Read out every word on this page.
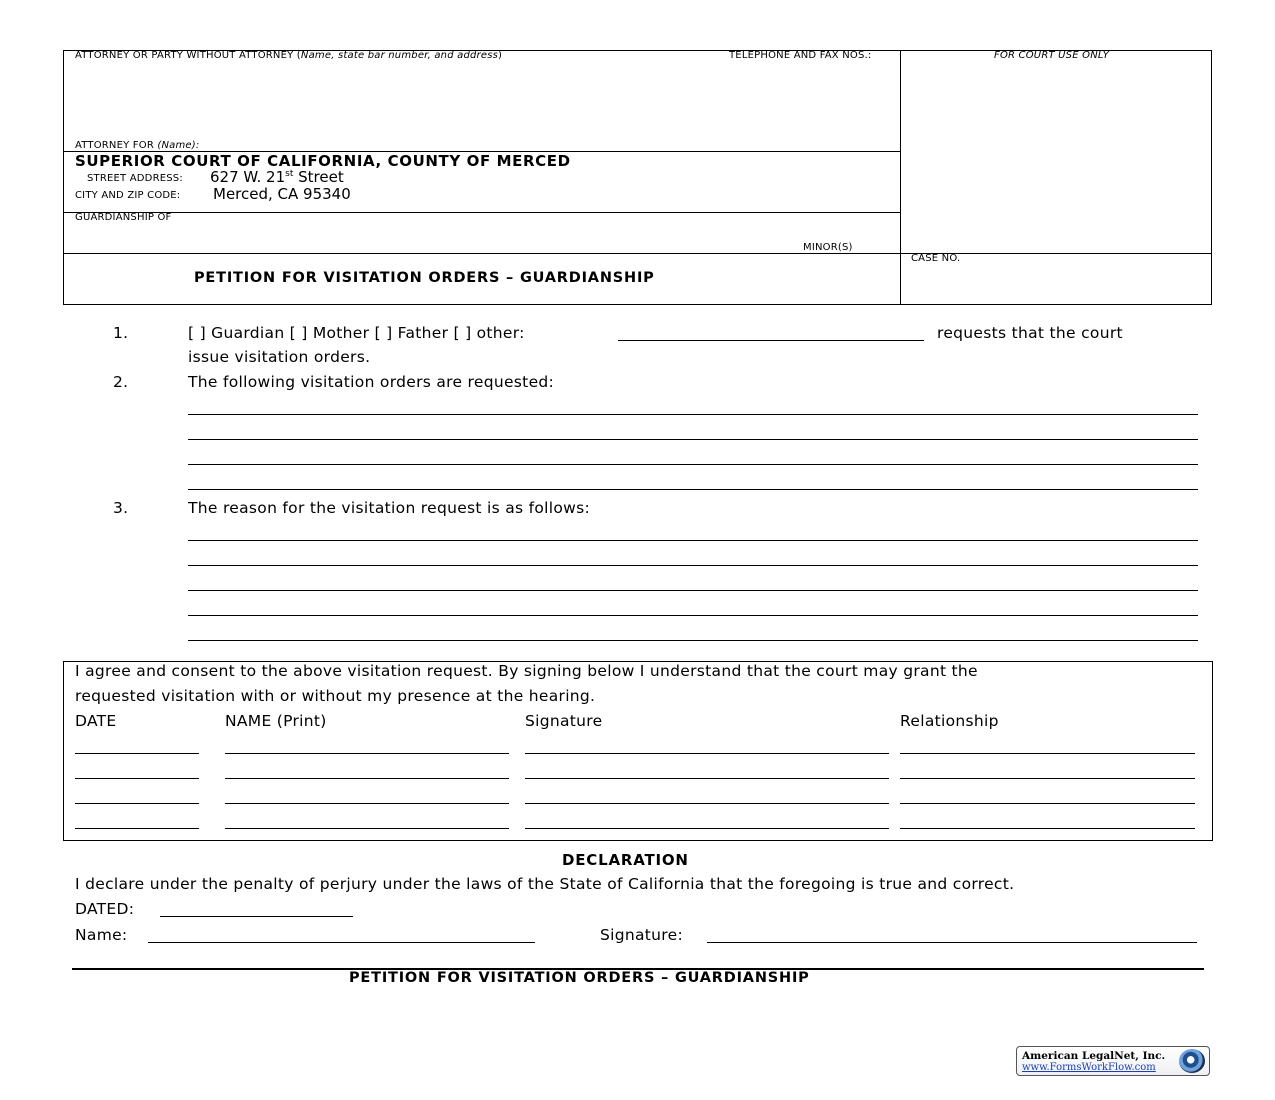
ATTORNEY OR PARTY WITHOUT ATTORNEY (Name, state bar number, and address)	TELEPHONE AND FAX NOS.:	FOR COURT USE ONLY
ATTORNEY FOR (Name):
SUPERIOR COURT OF CALIFORNIA, COUNTY OF MERCED
STREET ADDRESS: 627 W. 21st Street
CITY AND ZIP CODE: Merced, CA 95340
GUARDIANSHIP OF
MINOR(S)
CASE NO.
PETITION FOR VISITATION ORDERS – GUARDIANSHIP
1.	[ ] Guardian [ ] Mother [ ] Father [ ] other:	requests that the court
issue visitation orders.
2.	The following visitation orders are requested:
3.	The reason for the visitation request is as follows:
I agree and consent to the above visitation request. By signing below I understand that the court may grant the
requested visitation with or without my presence at the hearing.
DATE	NAME (Print)	Signature	Relationship
DECLARATION
I declare under the penalty of perjury under the laws of the State of California that the foregoing is true and correct.
DATED:
Name:	Signature:
PETITION FOR VISITATION ORDERS – GUARDIANSHIP
American LegalNet, Inc.
www.FormsWorkFlow.com
